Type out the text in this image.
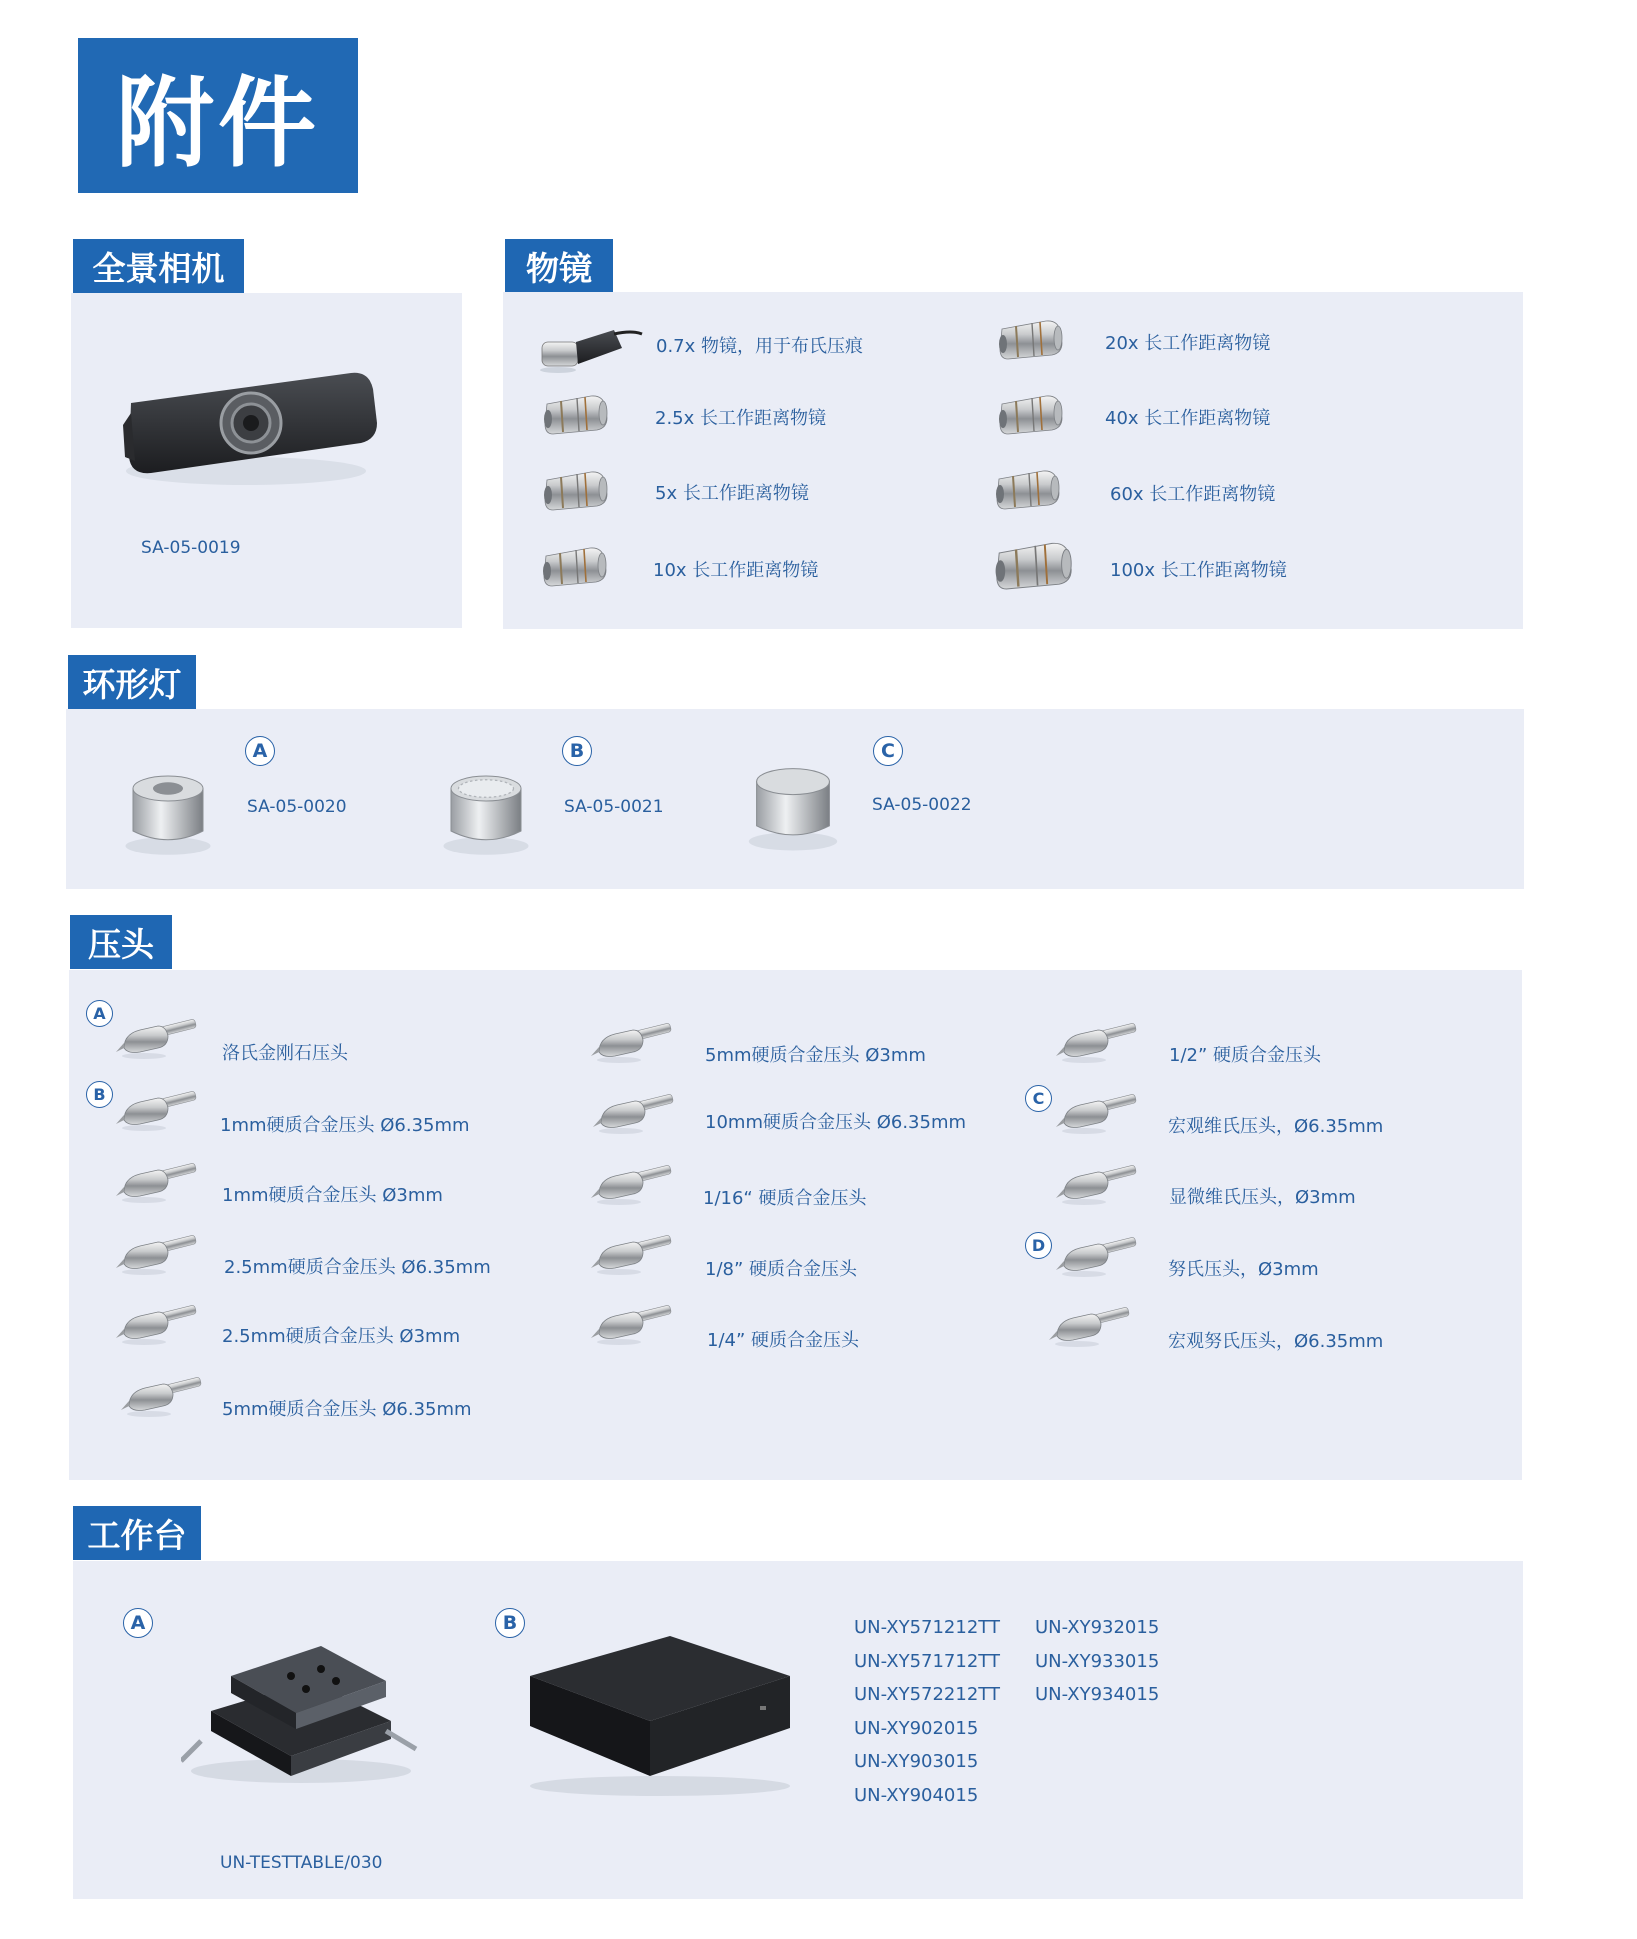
附件
全景相机
SA-05-0019
物镜
0.7x 物镜，用于布氏压痕
2.5x 长工作距离物镜
5x 长工作距离物镜
10x 长工作距离物镜
20x 长工作距离物镜
40x 长工作距离物镜
60x 长工作距离物镜
100x 长工作距离物镜
环形灯
A
SA-05-0020
B
SA-05-0021
C
SA-05-0022
压头
A
B	C
D
洛氏金刚石压头
1mm硬质合金压头 Ø6.35mm
1mm硬质合金压头 Ø3mm
2.5mm硬质合金压头 Ø6.35mm
2.5mm硬质合金压头 Ø3mm
5mm硬质合金压头 Ø6.35mm
5mm硬质合金压头 Ø3mm
10mm硬质合金压头 Ø6.35mm
1/16“ 硬质合金压头
1/8” 硬质合金压头
1/4” 硬质合金压头
1/2” 硬质合金压头
宏观维氏压头，Ø6.35mm
显微维氏压头，Ø3mm
努氏压头，Ø3mm
宏观努氏压头，Ø6.35mm
工作台
A
UN-TESTTABLE/030
B	UN-XY571212TT
UN-XY571712TT
UN-XY572212TT
UN-XY902015
UN-XY903015
UN-XY904015
UN-XY932015
UN-XY933015
UN-XY934015
